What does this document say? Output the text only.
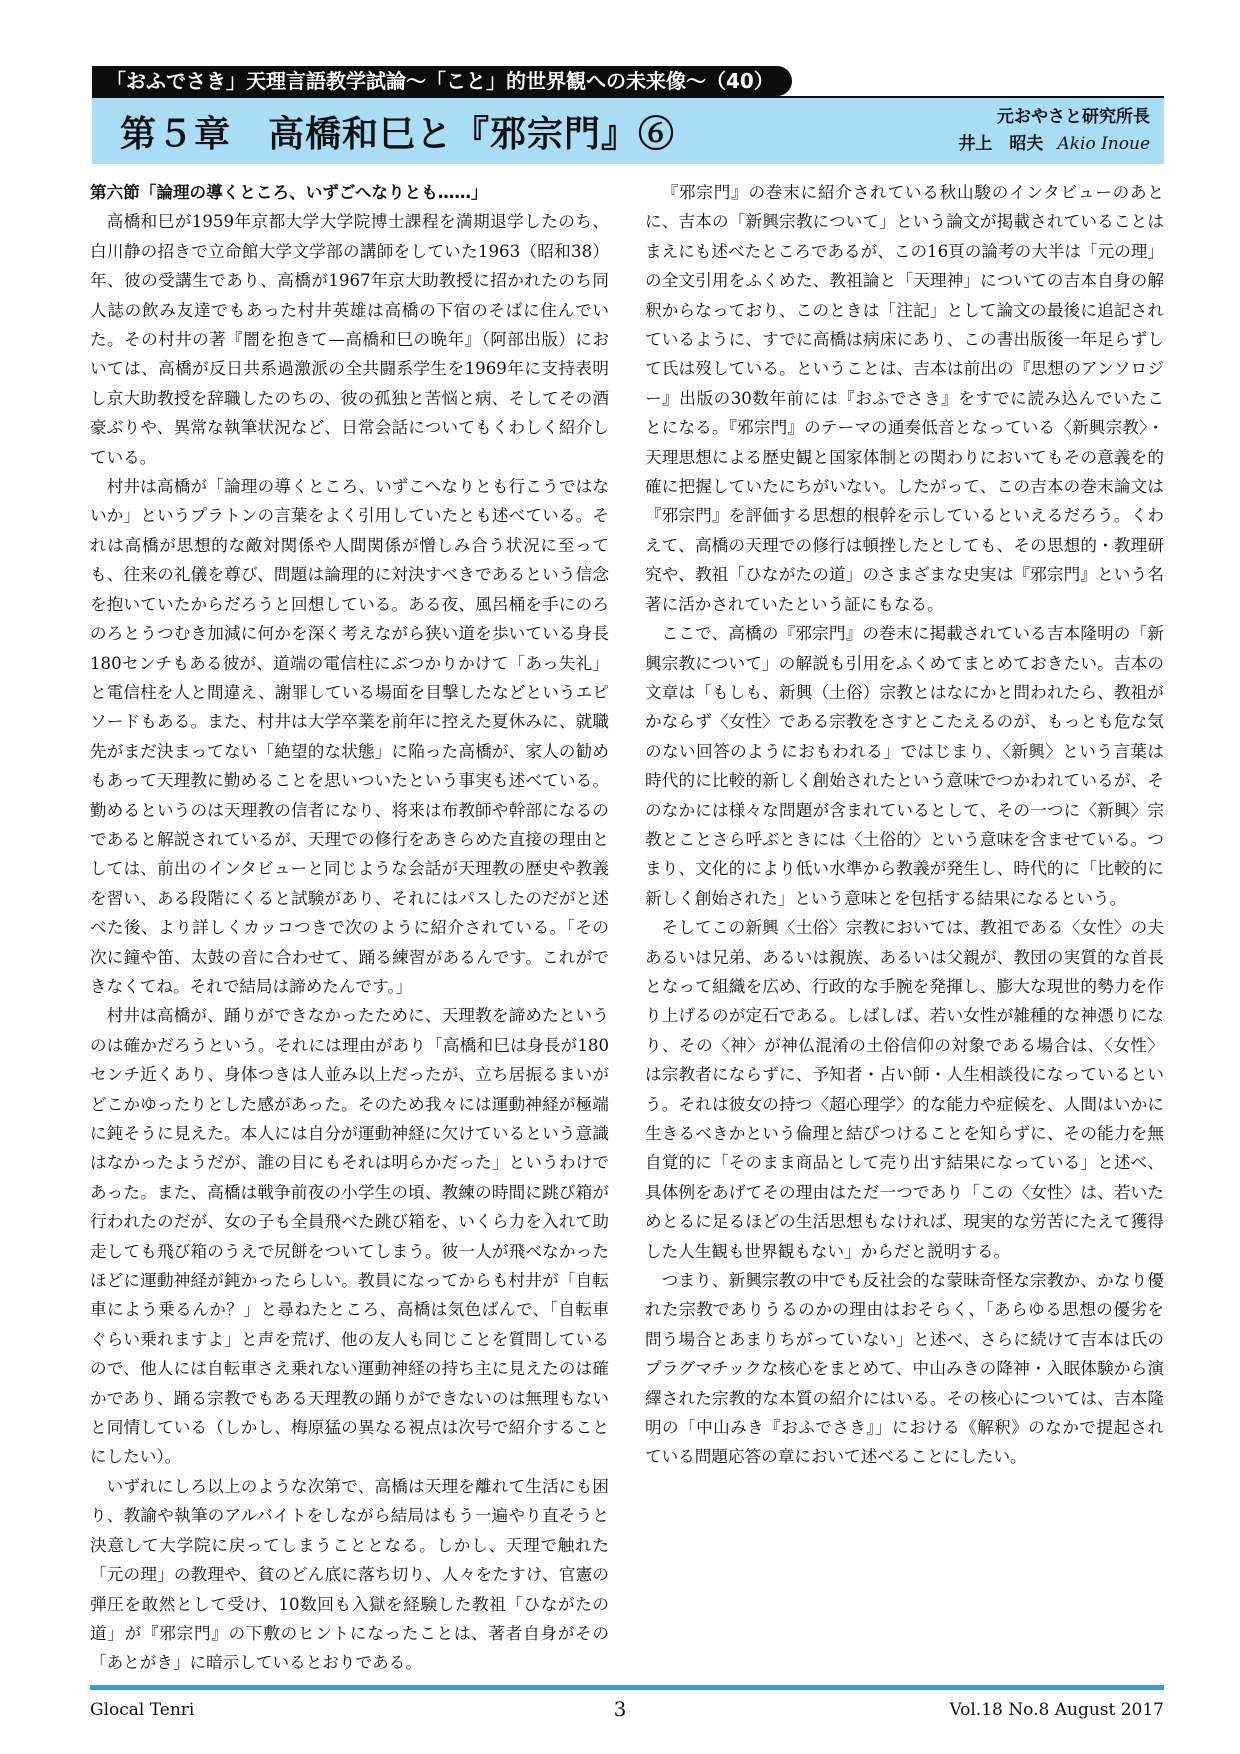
「おふでさき」天理言語教学試論〜「こと」的世界観への未来像〜（40）
第５章　高橋和巳と『邪宗門』⑥	元おやさと研究所長
井上　昭夫 Akio Inoue
第六節「論理の導くところ、いずごへなりとも……」

高橋和巳が1959年京都大学大学院博士課程を満期退学したのち、白川静の招きで立命館大学文学部の講師をしていた1963（昭和38）年、彼の受講生であり、高橋が1967年京大助教授に招かれたのち同人誌の飲み友達でもあった村井英雄は高橋の下宿のそばに住んでいた。その村井の著『闇を抱きて—高橋和巳の晩年』（阿部出版）においては、高橋が反日共系過激派の全共闘系学生を1969年に支持表明し京大助教授を辞職したのちの、彼の孤独と苦悩と病、そしてその酒豪ぶりや、異常な執筆状況など、日常会話についてもくわしく紹介している。

村井は高橋が「論理の導くところ、いずこへなりとも行こうではないか」というプラトンの言葉をよく引用していたとも述べている。それは高橋が思想的な敵対関係や人間関係が憎しみ合う状況に至っても、往来の礼儀を尊び、問題は論理的に対決すべきであるという信念を抱いていたからだろうと回想している。ある夜、風呂桶を手にのろのろとうつむき加減に何かを深く考えながら狭い道を歩いている身長180センチもある彼が、道端の電信柱にぶつかりかけて「あっ失礼」と電信柱を人と間違え、謝罪している場面を目撃したなどというエピソードもある。また、村井は大学卒業を前年に控えた夏休みに、就職先がまだ決まってない「絶望的な状態」に陥った高橋が、家人の勧めもあって天理教に勤めることを思いついたという事実も述べている。勤めるというのは天理教の信者になり、将来は布教師や幹部になるのであると解説されているが、天理での修行をあきらめた直接の理由としては、前出のインタビューと同じような会話が天理教の歴史や教義を習い、ある段階にくると試験があり、それにはパスしたのだがと述べた後、より詳しくカッコつきで次のように紹介されている。「その次に鐘や笛、太鼓の音に合わせて、踊る練習があるんです。これができなくてね。それで結局は諦めたんです。」

村井は高橋が、踊りができなかったために、天理教を諦めたというのは確かだろうという。それには理由があり「高橋和巳は身長が180センチ近くあり、身体つきは人並み以上だったが、立ち居振るまいがどこかゆったりとした感があった。そのため我々には運動神経が極端に鈍そうに見えた。本人には自分が運動神経に欠けているという意識はなかったようだが、誰の目にもそれは明らかだった」というわけであった。また、高橋は戦争前夜の小学生の頃、教練の時間に跳び箱が行われたのだが、女の子も全員飛べた跳び箱を、いくら力を入れて助走しても飛び箱のうえで尻餅をついてしまう。彼一人が飛べなかったほどに運動神経が鈍かったらしい。教員になってからも村井が「自転車によう乗るんか？」と尋ねたところ、高橋は気色ばんで、「自転車ぐらい乗れますよ」と声を荒げ、他の友人も同じことを質問しているので、他人には自転車さえ乗れない運動神経の持ち主に見えたのは確かであり、踊る宗教でもある天理教の踊りができないのは無理もないと同情している（しかし、梅原猛の異なる視点は次号で紹介することにしたい）。

いずれにしろ以上のような次第で、高橋は天理を離れて生活にも困り、教諭や執筆のアルバイトをしながら結局はもう一遍やり直そうと決意して大学院に戻ってしまうこととなる。しかし、天理で触れた「元の理」の教理や、貧のどん底に落ち切り、人々をたすけ、官憲の弾圧を敢然として受け、10数回も入獄を経験した教祖「ひながたの道」が『邪宗門』の下敷のヒントになったことは、著者自身がその「あとがき」に暗示しているとおりである。

『邪宗門』の巻末に紹介されている秋山駿のインタビューのあとに、吉本の「新興宗教について」という論文が掲載されていることはまえにも述べたところであるが、この16頁の論考の大半は「元の理」の全文引用をふくめた、教祖論と「天理神」についての吉本自身の解釈からなっており、このときは「注記」として論文の最後に追記されているように、すでに高橋は病床にあり、この書出版後一年足らずして氏は歿している。ということは、吉本は前出の『思想のアンソロジー』出版の30数年前には『おふでさき』をすでに読み込んでいたことになる。『邪宗門』のテーマの通奏低音となっている〈新興宗教〉・天理思想による歴史観と国家体制との関わりにおいてもその意義を的確に把握していたにちがいない。したがって、この吉本の巻末論文は『邪宗門』を評価する思想的根幹を示しているといえるだろう。くわえて、高橋の天理での修行は頓挫したとしても、その思想的・教理研究や、教祖「ひながたの道」のさまざまな史実は『邪宗門』という名著に活かされていたという証にもなる。

ここで、高橋の『邪宗門』の巻末に掲載されている吉本隆明の「新興宗教について」の解説も引用をふくめてまとめておきたい。吉本の文章は「もしも、新興（土俗）宗教とはなにかと問われたら、教祖がかならず〈女性〉である宗教をさすとこたえるのが、もっとも危な気のない回答のようにおもわれる」ではじまり、〈新興〉という言葉は時代的に比較的新しく創始されたという意味でつかわれているが、そのなかには様々な問題が含まれているとして、その一つに〈新興〉宗教とことさら呼ぶときには〈土俗的〉という意味を含ませている。つまり、文化的により低い水準から教義が発生し、時代的に「比較的に新しく創始された」という意味とを包括する結果になるという。

そしてこの新興〈土俗〉宗教においては、教祖である〈女性〉の夫あるいは兄弟、あるいは親族、あるいは父親が、教団の実質的な首長となって組織を広め、行政的な手腕を発揮し、膨大な現世的勢力を作り上げるのが定石である。しばしば、若い女性が雑種的な神憑りになり、その〈神〉が神仏混淆の土俗信仰の対象である場合は、〈女性〉は宗教者にならずに、予知者・占い師・人生相談役になっているという。それは彼女の持つ〈超心理学〉的な能力や症候を、人間はいかに生きるべきかという倫理と結びつけることを知らずに、その能力を無自覚的に「そのまま商品として売り出す結果になっている」と述べ、具体例をあげてその理由はただ一つであり「この〈女性〉は、若いためとるに足るほどの生活思想もなければ、現実的な労苦にたえて獲得した人生観も世界観もない」からだと説明する。

つまり、新興宗教の中でも反社会的な蒙昧奇怪な宗教か、かなり優れた宗教でありうるのかの理由はおそらく、「あらゆる思想の優劣を問う場合とあまりちがっていない」と述べ、さらに続けて吉本は氏のプラグマチックな核心をまとめて、中山みきの降神・入眠体験から演繹された宗教的な本質の紹介にはいる。その核心については、吉本隆明の「中山みき『おふでさき』」における《解釈》のなかで提起されている問題応答の章において述べることにしたい。

Glocal Tenri	3	Vol.18 No.8 August 2017
